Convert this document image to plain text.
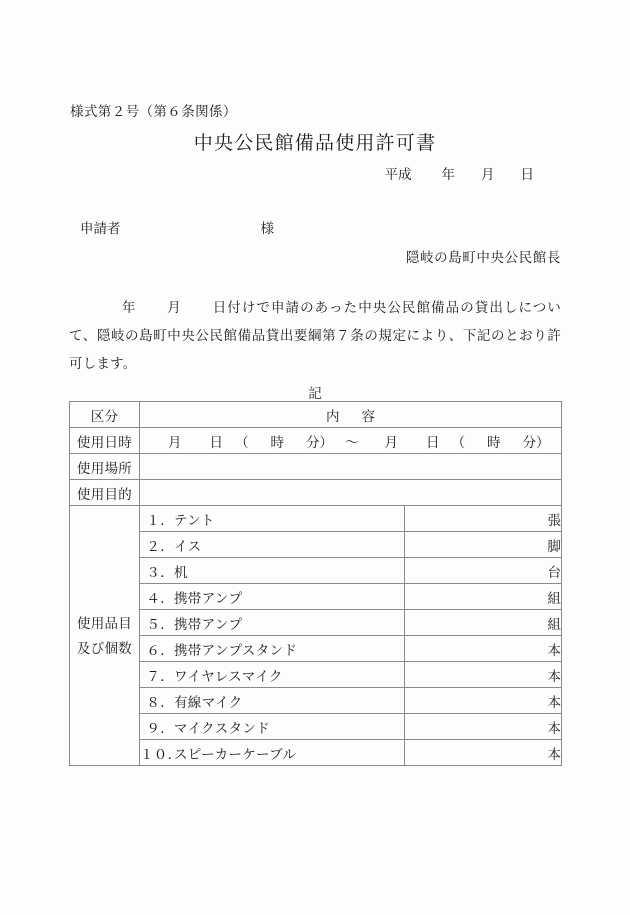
様式第２号（第６条関係）
中央公民館備品使用許可書
平成 年 月 日
申請者	様
隠岐の島町中央公民館長
年 月 日付けで申請のあった中央公民館備品の貸出しについて、隠岐の島町中央公民館備品貸出要綱第７条の規定により、下記のとおり許可します。
記
区分	内 容	
使用日時	月 日 （ 時 分） 〜 月 日 （ 時 分）	
使用場所		
使用目的		

使用品目
及び個数	１．テント	張
	２．イス	脚
	３．机	台
	４．携帯アンプ	組
	５．携帯アンプ	組
	６．携帯アンプスタンド	本
	７．ワイヤレスマイク	本
	８．有線マイク	本
	９．マイクスタンド	本
	１０．スピーカーケーブル	本
